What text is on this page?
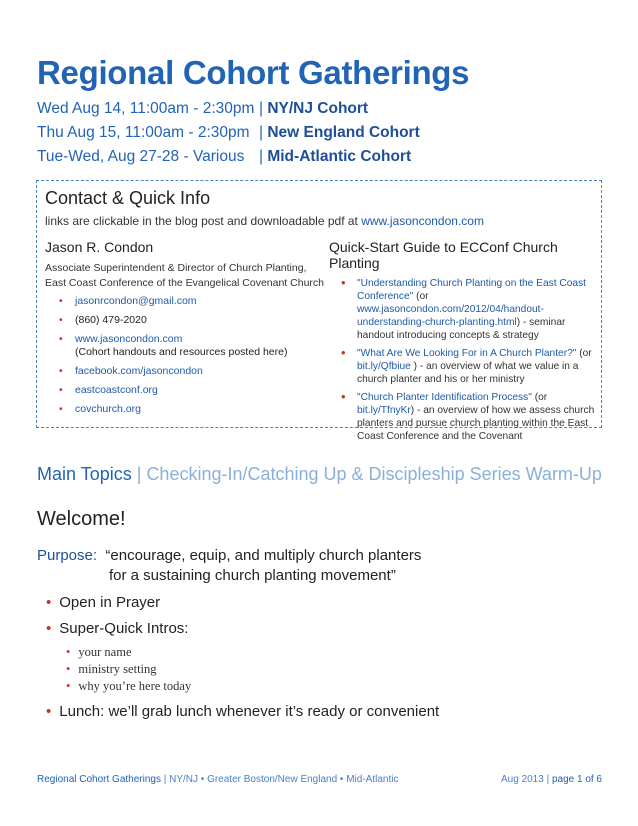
Regional Cohort Gatherings
Wed Aug 14, 11:00am - 2:30pm | NY/NJ Cohort
Thu Aug 15, 11:00am - 2:30pm | New England Cohort
Tue-Wed, Aug 27-28 - Various | Mid-Atlantic Cohort
Contact & Quick Info
links are clickable in the blog post and downloadable pdf at www.jasoncondon.com
Jason R. Condon
Associate Superintendent & Director of Church Planting,
East Coast Conference of the Evangelical Covenant Church
• jasonrcondon@gmail.com
• (860) 479-2020
• www.jasoncondon.com
(Cohort handouts and resources posted here)
• facebook.com/jasoncondon
• eastcoastconf.org
• covchurch.org
Quick-Start Guide to ECConf Church Planting
• "Understanding Church Planting on the East Coast Conference" (or www.jasoncondon.com/2012/04/handout-understanding-church-planting.html) - seminar handout introducing concepts & strategy
• "What Are We Looking For in A Church Planter?" (or bit.ly/Qfbiue ) - an overview of what we value in a church planter and his or her ministry
• "Church Planter Identification Process" (or bit.ly/TfnyKr) - an overview of how we assess church planters and pursue church planting within the East Coast Conference and the Covenant
Main Topics | Checking-In/Catching Up & Discipleship Series Warm-Up
Welcome!
Purpose: “encourage, equip, and multiply church planters
for a sustaining church planting movement”
• Open in Prayer
• Super-Quick Intros:
• your name
• ministry setting
• why you’re here today
• Lunch: we’ll grab lunch whenever it’s ready or convenient
Regional Cohort Gatherings | NY/NJ • Greater Boston/New England • Mid-Atlantic	Aug 2013 | page 1 of 6
